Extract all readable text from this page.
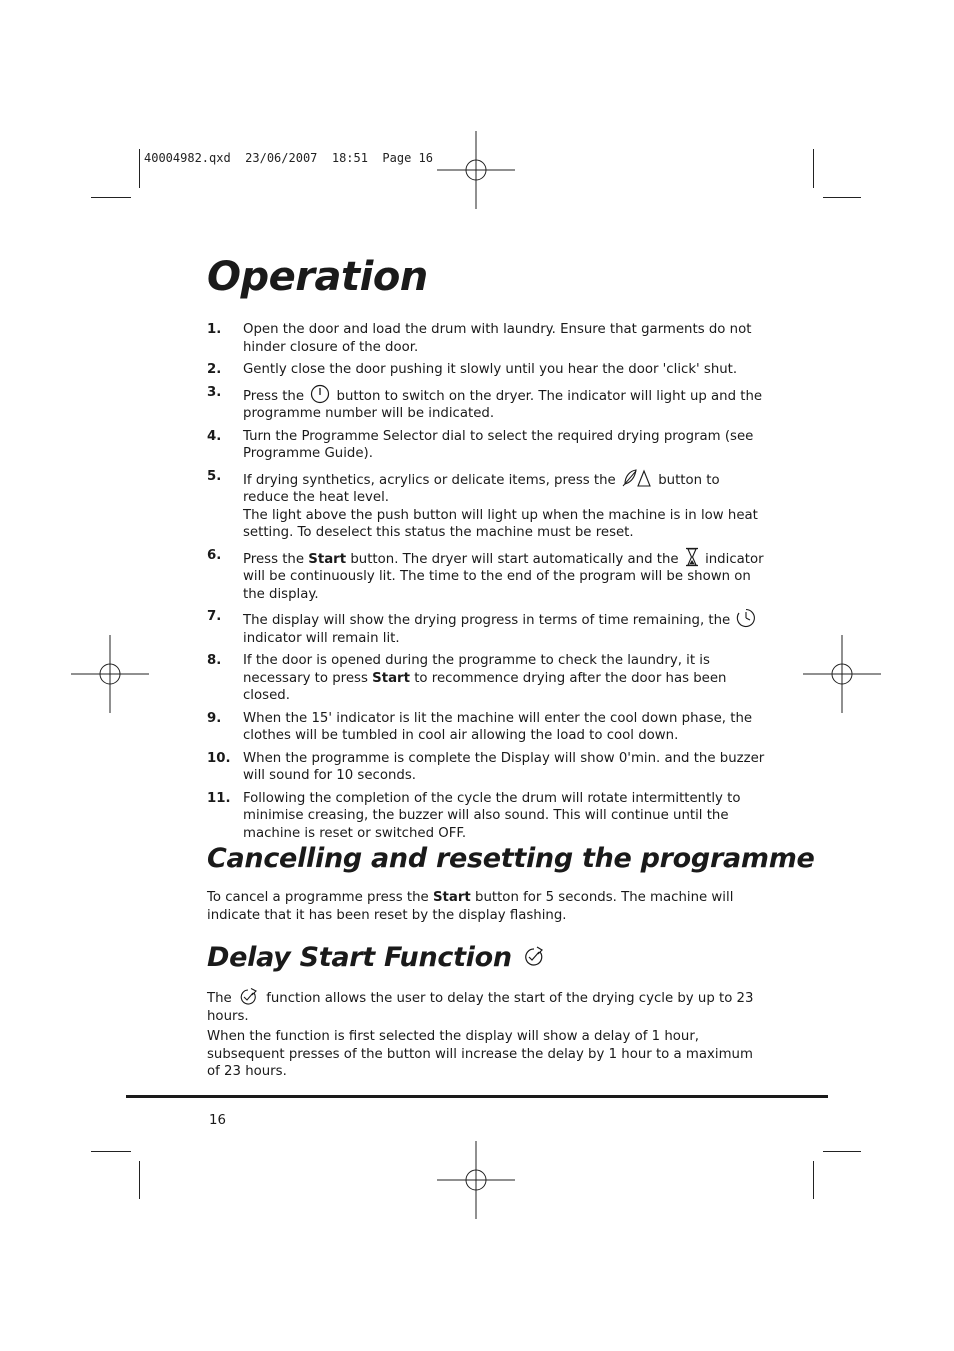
40004982.qxd  23/06/2007  18:51  Page 16
Operation
1.	Open the door and load the drum with laundry. Ensure that garments do not hinder closure of the door.
2.	Gently close the door pushing it slowly until you hear the door 'click' shut.
3.	Press the button to switch on the dryer. The indicator will light up and the programme number will be indicated.
4.	Turn the Programme Selector dial to select the required drying program (see Programme Guide).
5.	If drying synthetics, acrylics or delicate items, press the	button to reduce the heat level.
The light above the push button will light up when the machine is in low heat setting. To deselect this status the machine must be reset.
6.	Press the Start button. The dryer will start automatically and the indicator will be continuously lit. The time to the end of the program will be shown on the display.
7.	The display will show the drying progress in terms of time remaining, the  indicator will remain lit.
8.	If the door is opened during the programme to check the laundry, it is necessary to press Start to recommence drying after the door has been closed.
9.	When the 15' indicator is lit the machine will enter the cool down phase, the clothes will be tumbled in cool air allowing the load to cool down.
10. When the programme is complete the Display will show 0'min. and the buzzer will sound for 10 seconds.
11. Following the completion of the cycle the drum will rotate intermittently to minimise creasing, the buzzer will also sound. This will continue until the machine is reset or switched OFF.
Cancelling and resetting the programme

To cancel a programme press the Start button for 5 seconds. The machine will indicate that it has been reset by the display flashing.

Delay Start Function

The	function allows the user to delay the start of the drying cycle by up to 23 hours.

When the function is first selected the display will show a delay of 1 hour, subsequent presses of the button will increase the delay by 1 hour to a maximum of 23 hours.

16
